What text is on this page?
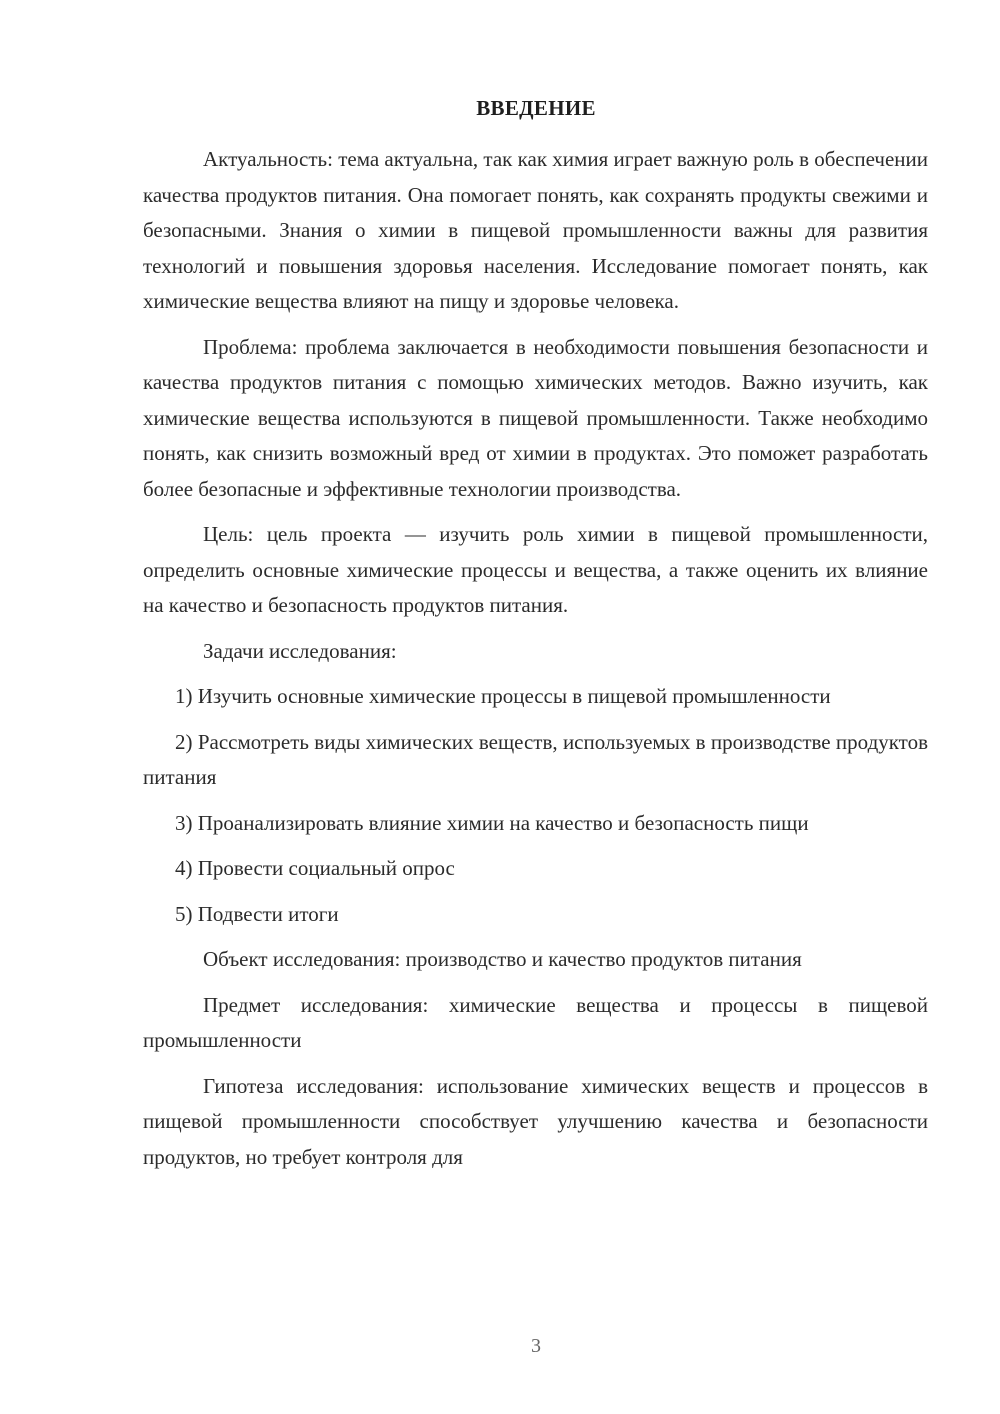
ВВЕДЕНИЕ

Актуальность: тема актуальна, так как химия играет важную роль в обеспечении качества продуктов питания. Она помогает понять, как сохранять продукты свежими и безопасными. Знания о химии в пищевой промышленности важны для развития технологий и повышения здоровья населения. Исследование помогает понять, как химические вещества влияют на пищу и здоровье человека.

Проблема: проблема заключается в необходимости повышения безопасности и качества продуктов питания с помощью химических методов. Важно изучить, как химические вещества используются в пищевой промышленности. Также необходимо понять, как снизить возможный вред от химии в продуктах. Это поможет разработать более безопасные и эффективные технологии производства.

Цель: цель проекта — изучить роль химии в пищевой промышленности, определить основные химические процессы и вещества, а также оценить их влияние на качество и безопасность продуктов питания.

Задачи исследования:

1) Изучить основные химические процессы в пищевой промышленности

2) Рассмотреть виды химических веществ, используемых в производстве продуктов питания

3) Проанализировать влияние химии на качество и безопасность пищи

4) Провести социальный опрос

5) Подвести итоги

Объект исследования: производство и качество продуктов питания

Предмет исследования: химические вещества и процессы в пищевой промышленности

Гипотеза исследования: использование химических веществ и процессов в пищевой промышленности способствует улучшению качества и безопасности продуктов, но требует контроля для

3
